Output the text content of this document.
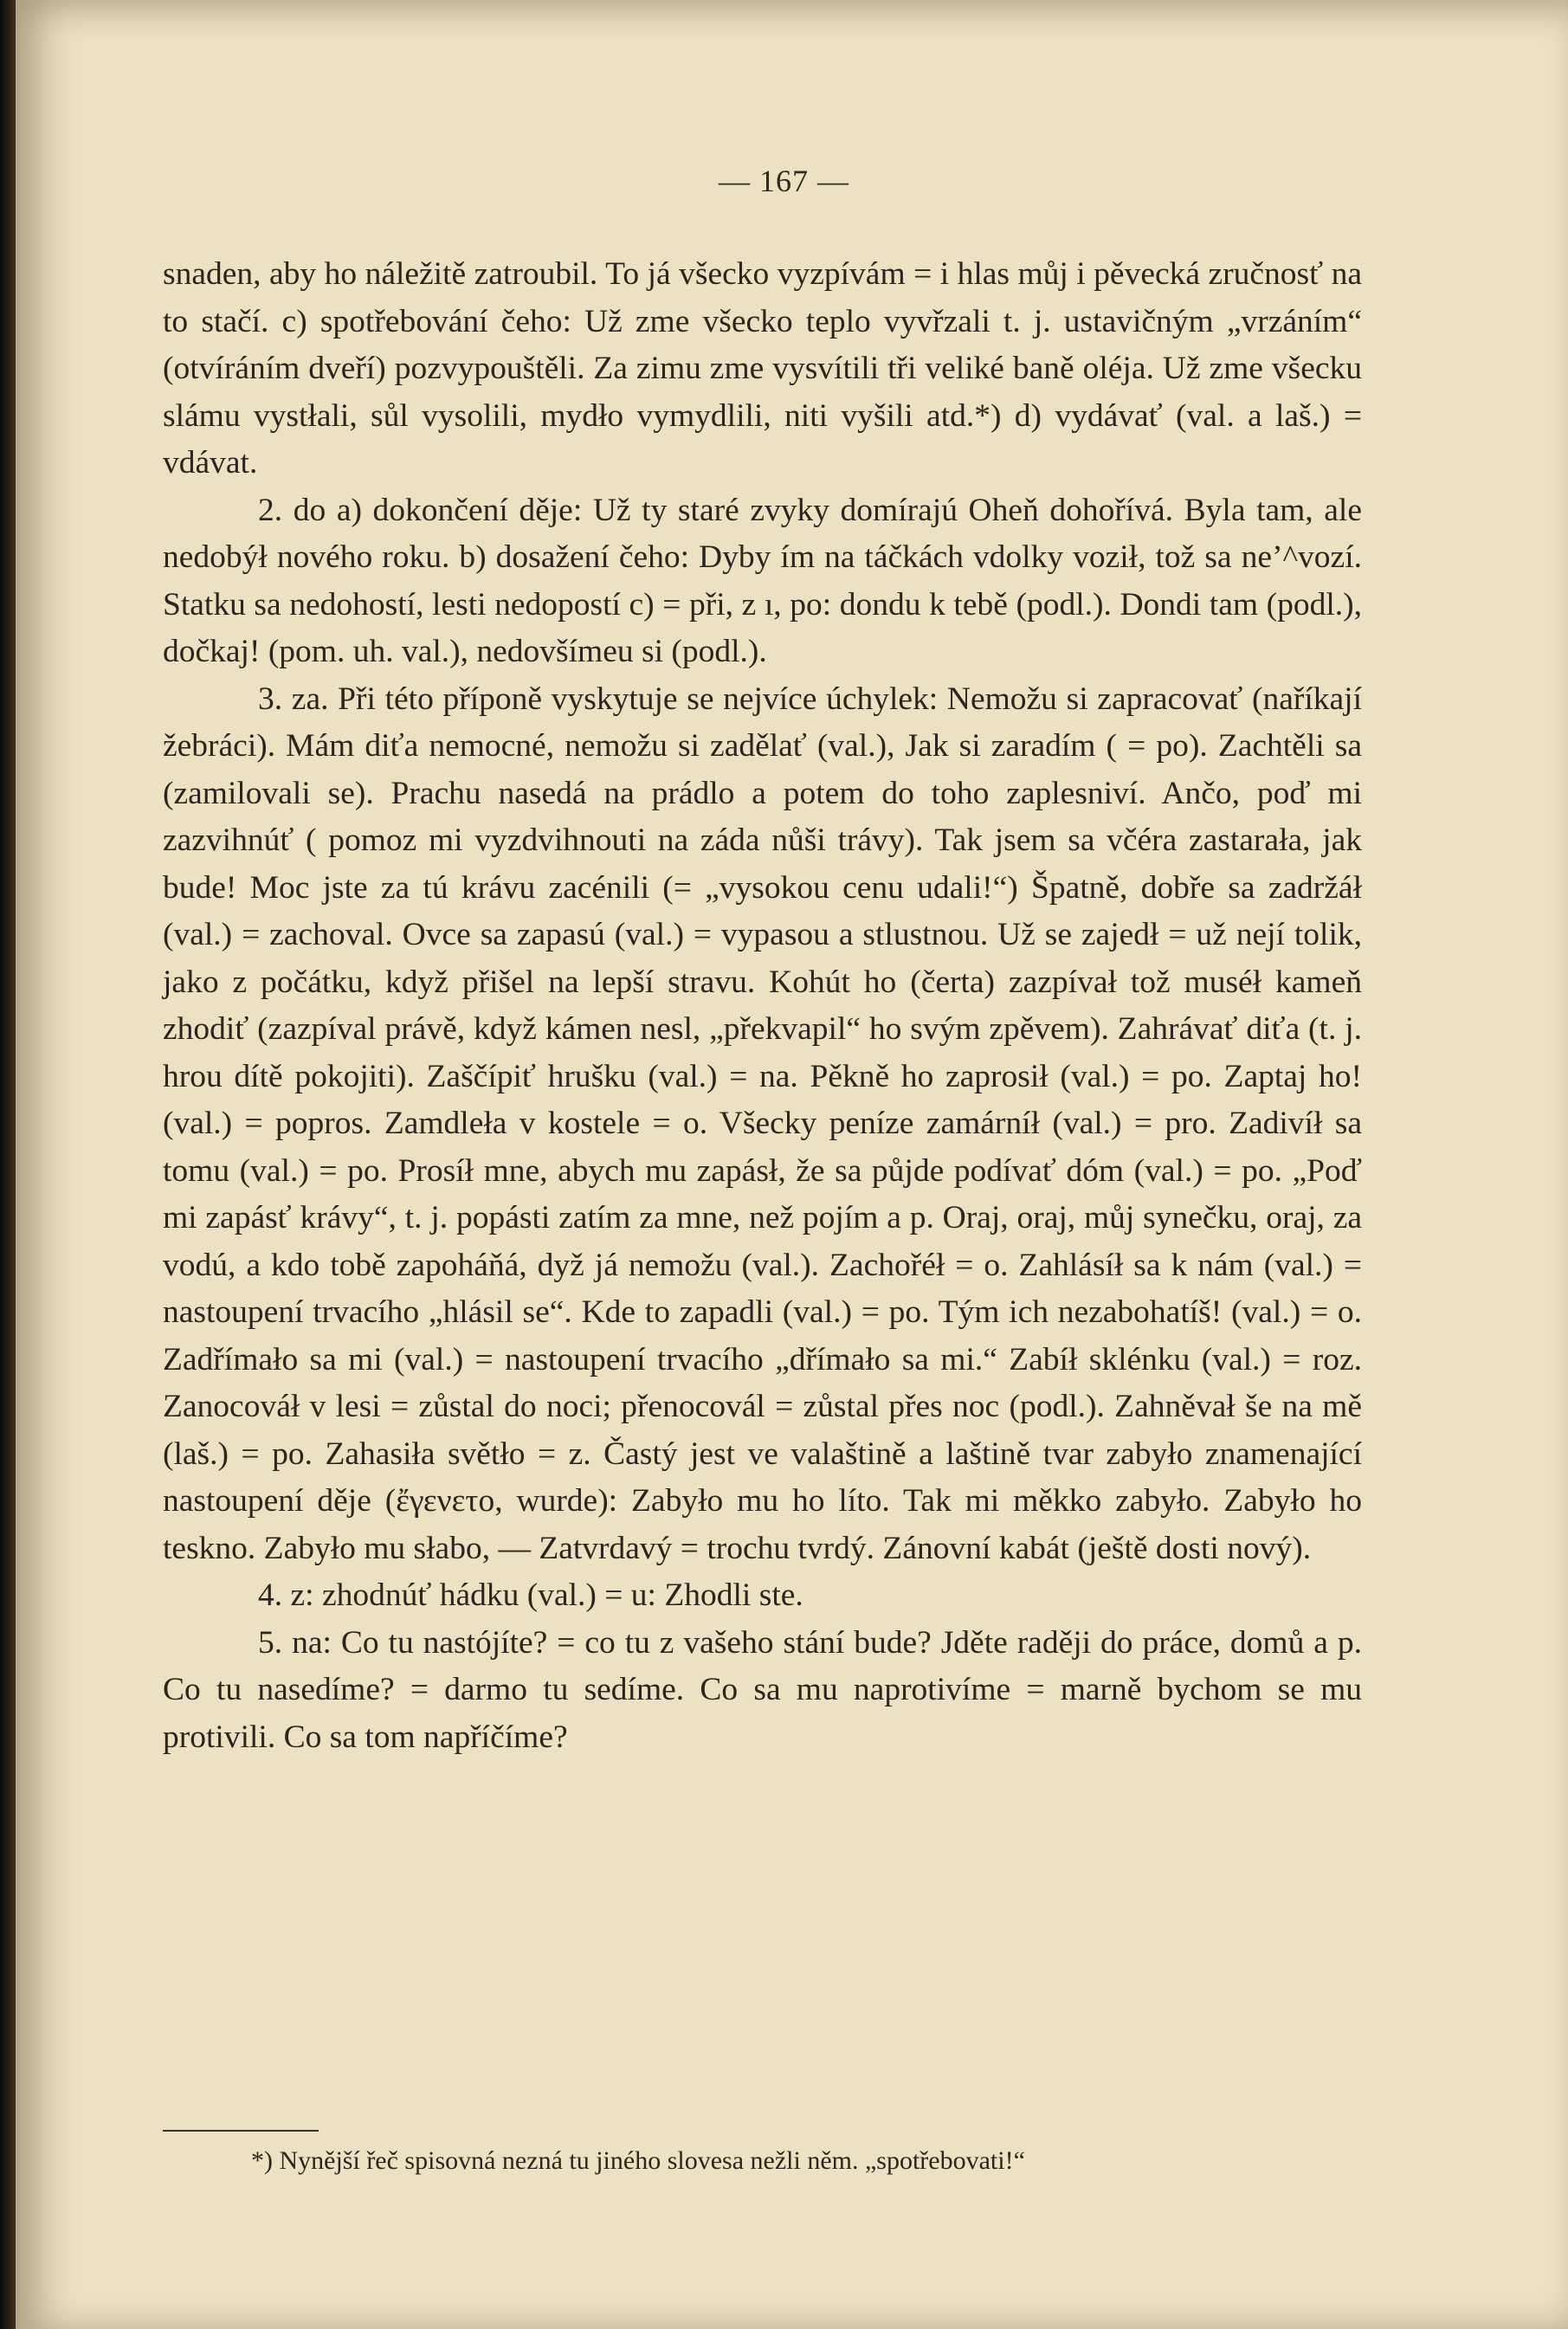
— 167 —

snaden, aby ho náležitě zatroubil. To já všecko vyzpívám = i hlas můj i pěvecká zručnosť na to stačí. c) spotřebování čeho: Už zme všecko teplo vyvřzali t. j. ustavičným „vrzáním“ (otvíráním dveří) pozvypouštěli. Za zimu zme vysvítili tři veliké baně oléja. Už zme všecku slámu vystłali, sůl vysolili, mydło vymydlili, niti vyšili atd.*) d) vydávať (val. a laš.) = vdávat.

2. do a) dokončení děje: Už ty staré zvyky domírajú Oheň dohořívá. Byla tam, ale nedobýł nového roku. b) dosažení čeho: Dyby ím na táčkách vdolky voził, tož sa neʼ^vozí. Statku sa nedohostí, lesti nedopostí c) = při, z ı, po: dondu k tebě (podl.). Dondi tam (podl.), dočkaj! (pom. uh. val.), nedovšímeu si (podl.).

3. za. Při této příponě vyskytuje se nejvíce úchylek: Nemožu si zapracovať (naříkají žebráci). Mám diťa nemocné, nemožu si zadělať (val.), Jak si zaradím ( = po). Zachtěli sa (zamilovali se). Prachu nasedá na prádlo a potem do toho zaplesniví. Ančo, poď mi zazvihnúť ( pomoz mi vyzdvihnouti na záda nůši trávy). Tak jsem sa včéra zastarała, jak bude! Moc jste za tú krávu zacénili (= „vysokou cenu udali!“) Špatně, dobře sa zadržáł (val.) = zachoval. Ovce sa zapasú (val.) = vypasou a stlustnou. Už se zajedł = už nejí tolik, jako z počátku, když přišel na lepší stravu. Kohút ho (čerta) zazpívał tož muséł kameň zhodiť (zazpíval právě, když kámen nesl, „překvapil“ ho svým zpěvem). Zahrávať diťa (t. j. hrou dítě pokojiti). Zaščípiť hrušku (val.) = na. Pěkně ho zaprosił (val.) = po. Zaptaj ho! (val.) = popros. Zamdleła v kostele = o. Všecky peníze zamárníł (val.) = pro. Zadivíł sa tomu (val.) = po. Prosíł mne, abych mu zapásł, že sa půjde podívať dóm (val.) = po. „Poď mi zapásť krávy“, t. j. popásti zatím za mne, než pojím a p. Oraj, oraj, můj synečku, oraj, za vodú, a kdo tobě zapoháňá, dyž já nemožu (val.). Zachořéł = o. Zahlásíł sa k nám (val.) = nastoupení trvacího „hlásil se“. Kde to zapadli (val.) = po. Tým ich nezabohatíš! (val.) = o. Zadřímało sa mi (val.) = nastoupení trvacího „dřímało sa mi.“ Zabíł sklénku (val.) = roz. Zanocováł v lesi = zůstal do noci; přenocovál = zůstal přes noc (podl.). Zahněvał še na mě (laš.) = po. Zahasiła světło = z. Častý jest ve valaštině a laštině tvar zabyło znamenající nastoupení děje (ἔγενετο, wurde): Zabyło mu ho líto. Tak mi měkko zabyło. Zabyło ho teskno. Zabyło mu słabo, — Zatvrdavý = trochu tvrdý. Zánovní kabát (ještě dosti nový).

4. z: zhodnúť hádku (val.) = u: Zhodli ste.

5. na: Co tu nastójíte? = co tu z vašeho stání bude? Jděte raději do práce, domů a p. Co tu nasedíme? = darmo tu sedíme. Co sa mu naprotivíme = marně bychom se mu protivili. Co sa tom napříčíme?

*) Nynější řeč spisovná nezná tu jiného slovesa nežli něm. „spotřebovati!“
